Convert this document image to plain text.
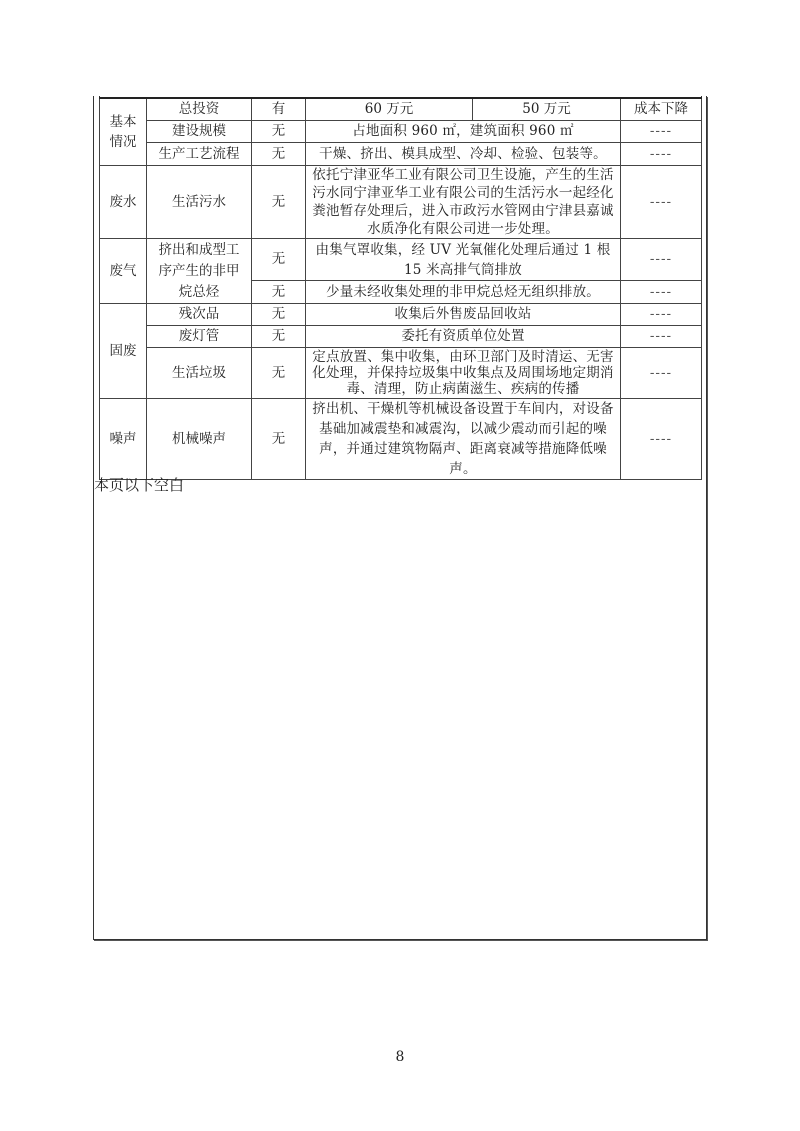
基本情况	总投资	有	60 万元	50 万元	成本下降
	建设规模	无	占地面积 960 ㎡，建筑面积 960 ㎡		----
	生产工艺流程	无	干燥、挤出、模具成型、冷却、检验、包装等。		----
废水	生活污水	无	依托宁津亚华工业有限公司卫生设施，产生的生活污水同宁津亚华工业有限公司的生活污水一起经化粪池暂存处理后，进入市政污水管网由宁津县嘉诚水质净化有限公司进一步处理。		----
废气	挤出和成型工序产生的非甲烷总烃	无	由集气罩收集，经 UV 光氧催化处理后通过 1 根 15 米高排气筒排放		----
		无	少量未经收集处理的非甲烷总烃无组织排放。		----
固废	残次品	无	收集后外售废品回收站		----
	废灯管	无	委托有资质单位处置		----
	生活垃圾	无	定点放置、集中收集，由环卫部门及时清运、无害化处理，并保持垃圾集中收集点及周围场地定期消毒、清理，防止病菌滋生、疾病的传播		----
噪声	机械噪声	无	挤出机、干燥机等机械设备设置于车间内，对设备基础加减震垫和减震沟，以减少震动而引起的噪声，并通过建筑物隔声、距离衰减等措施降低噪声。		----
本页以下空白
8
